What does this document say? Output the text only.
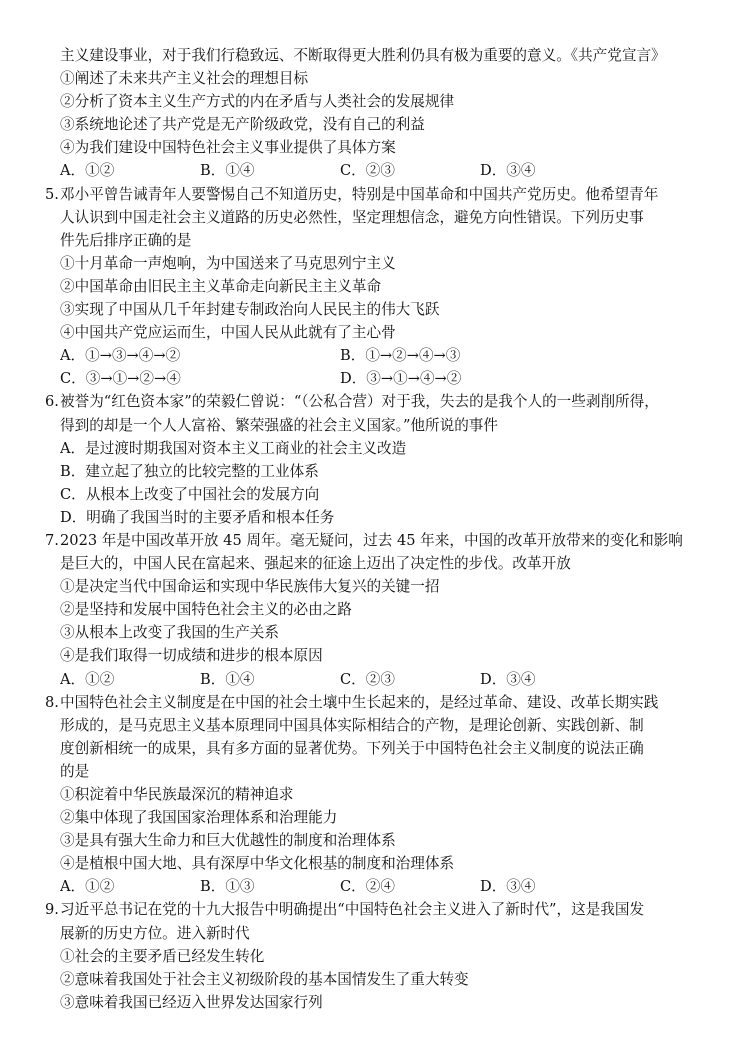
主义建设事业，对于我们行稳致远、不断取得更大胜利仍具有极为重要的意义。《共产党宣言》
①阐述了未来共产主义社会的理想目标
②分析了资本主义生产方式的内在矛盾与人类社会的发展规律
③系统地论述了共产党是无产阶级政党，没有自己的利益
④为我们建设中国特色社会主义事业提供了具体方案
A．①②	B．①④	C．②③	D．③④
5. 邓小平曾告诫青年人要警惕自己不知道历史，特别是中国革命和中国共产党历史。他希望青年
人认识到中国走社会主义道路的历史必然性，坚定理想信念，避免方向性错误。下列历史事
件先后排序正确的是
①十月革命一声炮响，为中国送来了马克思列宁主义
②中国革命由旧民主主义革命走向新民主主义革命
③实现了中国从几千年封建专制政治向人民民主的伟大飞跃
④中国共产党应运而生，中国人民从此就有了主心骨
A．①→③→④→②	B．①→②→④→③
C．③→①→②→④	D．③→①→④→②
6. 被誉为“红色资本家”的荣毅仁曾说：“（公私合营）对于我，失去的是我个人的一些剥削所得，
得到的却是一个人人富裕、繁荣强盛的社会主义国家。”他所说的事件
A．是过渡时期我国对资本主义工商业的社会主义改造
B．建立起了独立的比较完整的工业体系
C．从根本上改变了中国社会的发展方向
D．明确了我国当时的主要矛盾和根本任务
7. 2023 年是中国改革开放 45 周年。毫无疑问，过去 45 年来，中国的改革开放带来的变化和影响
是巨大的，中国人民在富起来、强起来的征途上迈出了决定性的步伐。改革开放
①是决定当代中国命运和实现中华民族伟大复兴的关键一招
②是坚持和发展中国特色社会主义的必由之路
③从根本上改变了我国的生产关系
④是我们取得一切成绩和进步的根本原因
A．①②	B．①④	C．②③	D．③④
8. 中国特色社会主义制度是在中国的社会土壤中生长起来的，是经过革命、建设、改革长期实践
形成的，是马克思主义基本原理同中国具体实际相结合的产物，是理论创新、实践创新、制
度创新相统一的成果，具有多方面的显著优势。下列关于中国特色社会主义制度的说法正确
的是
①积淀着中华民族最深沉的精神追求
②集中体现了我国国家治理体系和治理能力
③是具有强大生命力和巨大优越性的制度和治理体系
④是植根中国大地、具有深厚中华文化根基的制度和治理体系
A．①②	B．①③	C．②④	D．③④
9. 习近平总书记在党的十九大报告中明确提出“中国特色社会主义进入了新时代”，这是我国发
展新的历史方位。进入新时代
①社会的主要矛盾已经发生转化
②意味着我国处于社会主义初级阶段的基本国情发生了重大转变
③意味着我国已经迈入世界发达国家行列
